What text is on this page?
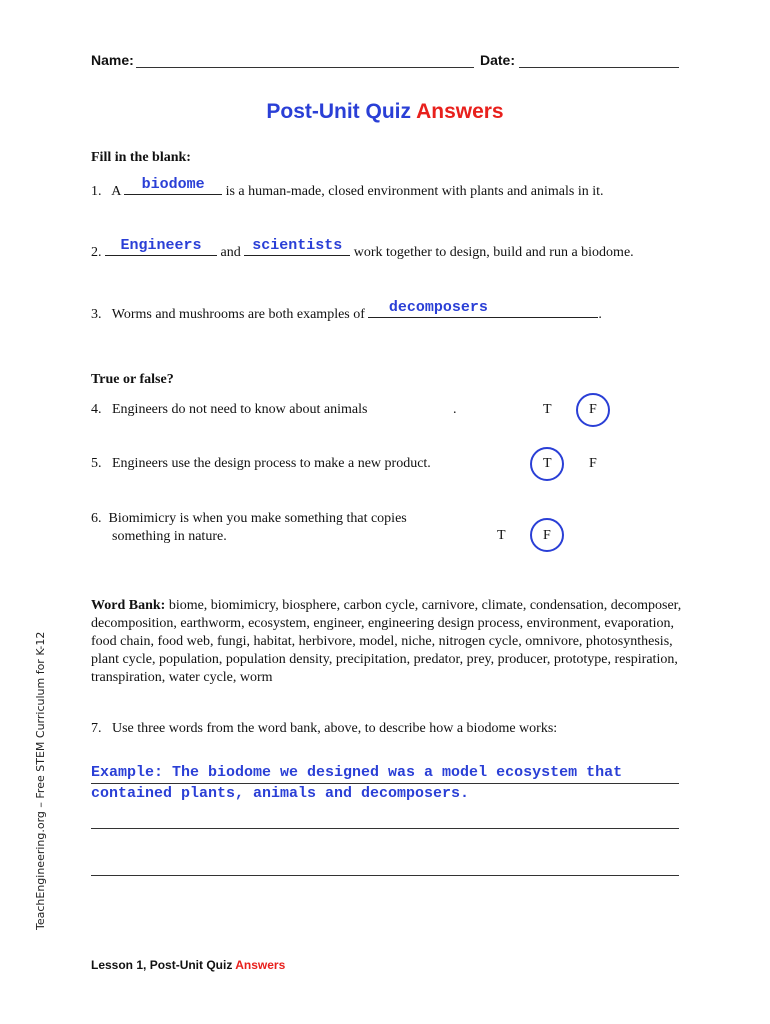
Name:	Date:
Post-Unit Quiz Answers
Fill in the blank:
1. A	biodome	is a human-made, closed environment with plants and animals in it.
2.	Engineers	and scientists work together to design, build and run a biodome.
3. Worms and mushrooms are both examples of	decomposers	.
True or false?
4. Engineers do not need to know about animals	.	T	F
5. Engineers use the design process to make a new product.	T	F
6. Biomimicry is when you make something that copies
something in nature.	T	F
Word Bank: biome, biomimicry, biosphere, carbon cycle, carnivore, climate, condensation, decomposer, decomposition, earthworm, ecosystem, engineer, engineering design process, environment, evaporation, food chain, food web, fungi, habitat, herbivore, model, niche, nitrogen cycle, omnivore, photosynthesis, plant cycle, population, population density, precipitation, predator, prey, producer, prototype, respiration, transpiration, water cycle, worm
7. Use three words from the word bank, above, to describe how a biodome works:
Example: The biodome we designed was a model ecosystem that contained plants, animals and decomposers.
Lesson 1, Post-Unit Quiz Answers
TeachEngineering.org – Free STEM Curriculum for K-12
